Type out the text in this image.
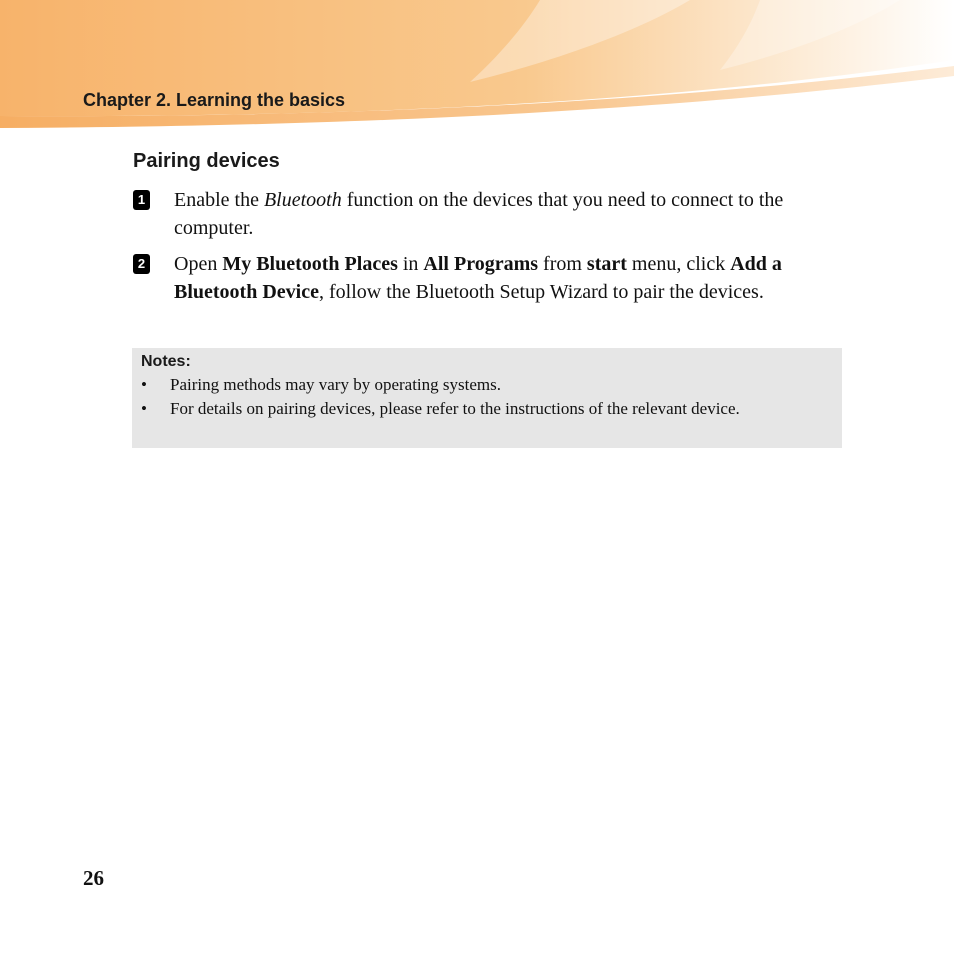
Chapter 2. Learning the basics
Pairing devices
1 Enable the Bluetooth function on the devices that you need to connect to the computer.
2 Open My Bluetooth Places in All Programs from start menu, click Add a Bluetooth Device, follow the Bluetooth Setup Wizard to pair the devices.
Notes:
• Pairing methods may vary by operating systems.
• For details on pairing devices, please refer to the instructions of the relevant device.
26
